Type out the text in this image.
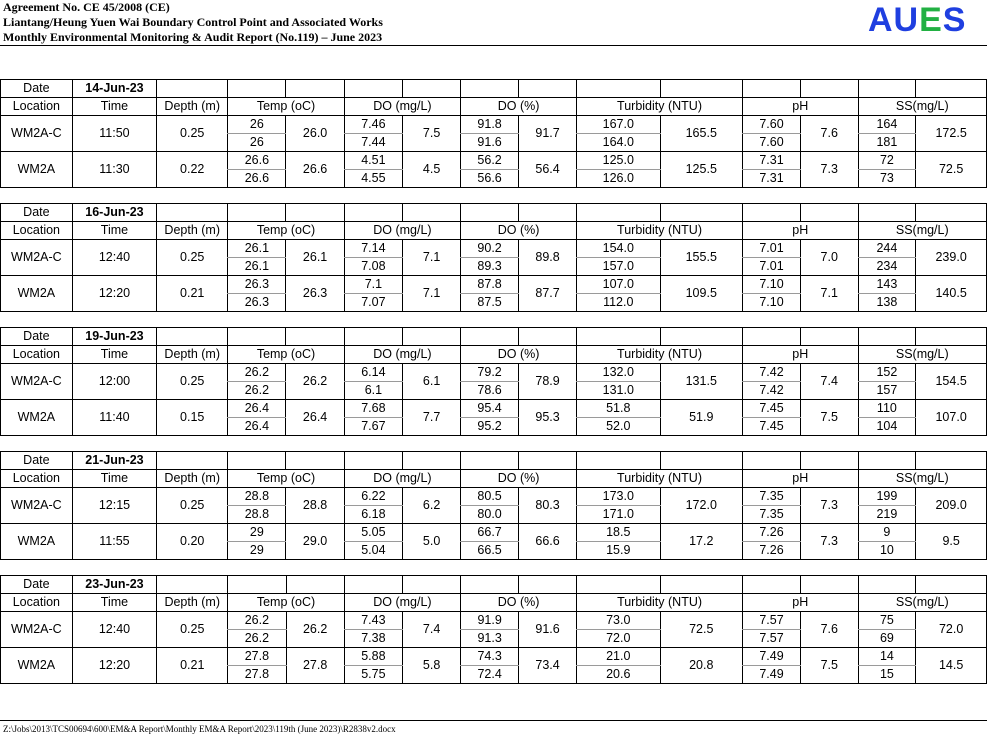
Agreement No. CE 45/2008 (CE)
Liantang/Heung Yuen Wai Boundary Control Point and Associated Works
Monthly Environmental Monitoring & Audit Report (No.119) – June 2023	AUES
Date	14-Jun-23													
Location	Time	Depth (m)	Temp (oC)		DO (mg/L)		DO (%)		Turbidity (NTU)		pH		SS(mg/L)	
WM2A-C	11:50	0.25	26	26.0	7.46	7.5	91.8	91.7	167.0	165.5	7.60	7.6	164	172.5
			26		7.44		91.6		164.0		7.60		181	
WM2A	11:30	0.22	26.6	26.6	4.51	4.5	56.2	56.4	125.0	125.5	7.31	7.3	72	72.5
			26.6		4.55		56.6		126.0		7.31		73	
Date	16-Jun-23													
Location	Time	Depth (m)	Temp (oC)		DO (mg/L)		DO (%)		Turbidity (NTU)		pH		SS(mg/L)	
WM2A-C	12:40	0.25	26.1	26.1	7.14	7.1	90.2	89.8	154.0	155.5	7.01	7.0	244	239.0
			26.1		7.08		89.3		157.0		7.01		234	
WM2A	12:20	0.21	26.3	26.3	7.1	7.1	87.8	87.7	107.0	109.5	7.10	7.1	143	140.5
			26.3		7.07		87.5		112.0		7.10		138	
Date	19-Jun-23													
Location	Time	Depth (m)	Temp (oC)		DO (mg/L)		DO (%)		Turbidity (NTU)		pH		SS(mg/L)	
WM2A-C	12:00	0.25	26.2	26.2	6.14	6.1	79.2	78.9	132.0	131.5	7.42	7.4	152	154.5
			26.2		6.1		78.6		131.0		7.42		157	
WM2A	11:40	0.15	26.4	26.4	7.68	7.7	95.4	95.3	51.8	51.9	7.45	7.5	110	107.0
			26.4		7.67		95.2		52.0		7.45		104	
Date	21-Jun-23													
Location	Time	Depth (m)	Temp (oC)		DO (mg/L)		DO (%)		Turbidity (NTU)		pH		SS(mg/L)	
WM2A-C	12:15	0.25	28.8	28.8	6.22	6.2	80.5	80.3	173.0	172.0	7.35	7.3	199	209.0
			28.8		6.18		80.0		171.0		7.35		219	
WM2A	11:55	0.20	29	29.0	5.05	5.0	66.7	66.6	18.5	17.2	7.26	7.3	9	9.5
			29		5.04		66.5		15.9		7.26		10	
Date	23-Jun-23													
Location	Time	Depth (m)	Temp (oC)		DO (mg/L)		DO (%)		Turbidity (NTU)		pH		SS(mg/L)	
WM2A-C	12:40	0.25	26.2	26.2	7.43	7.4	91.9	91.6	73.0	72.5	7.57	7.6	75	72.0
			26.2		7.38		91.3		72.0		7.57		69	
WM2A	12:20	0.21	27.8	27.8	5.88	5.8	74.3	73.4	21.0	20.8	7.49	7.5	14	14.5
			27.8		5.75		72.4		20.6		7.49		15	
Z:\Jobs\2013\TCS00694\600\EM&A Report\Monthly EM&A Report\2023\119th (June 2023)\R2838v2.docx
